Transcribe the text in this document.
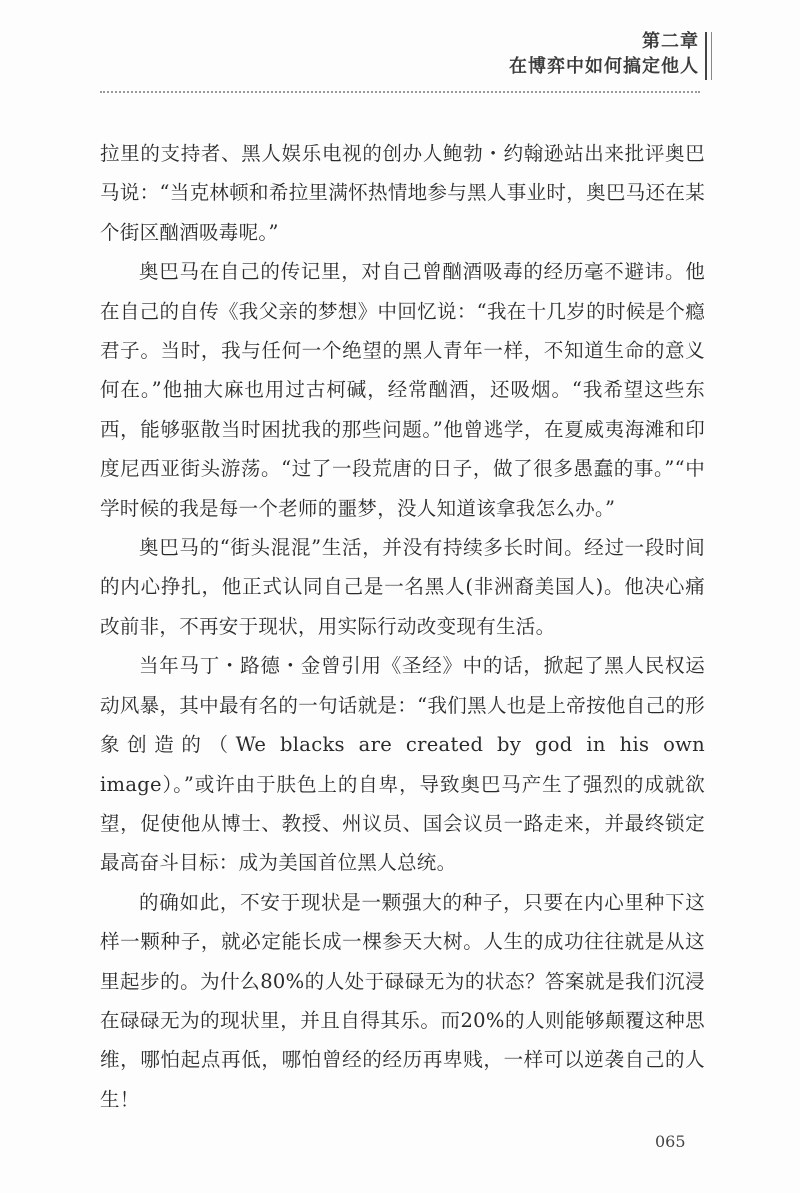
第二章
在博弈中如何搞定他人

拉里的支持者、黑人娱乐电视的创办人鲍勃・约翰逊站出来批评奥巴马说：“当克林顿和希拉里满怀热情地参与黑人事业时，奥巴马还在某个街区酗酒吸毒呢。”

奥巴马在自己的传记里，对自己曾酗酒吸毒的经历毫不避讳。他在自己的自传《我父亲的梦想》中回忆说：“我在十几岁的时候是个瘾君子。当时，我与任何一个绝望的黑人青年一样，不知道生命的意义何在。”他抽大麻也用过古柯碱，经常酗酒，还吸烟。“我希望这些东西，能够驱散当时困扰我的那些问题。”他曾逃学，在夏威夷海滩和印度尼西亚街头游荡。“过了一段荒唐的日子，做了很多愚蠢的事。”“中学时候的我是每一个老师的噩梦，没人知道该拿我怎么办。”

奥巴马的“街头混混”生活，并没有持续多长时间。经过一段时间的内心挣扎，他正式认同自己是一名黑人(非洲裔美国人)。他决心痛改前非，不再安于现状，用实际行动改变现有生活。

当年马丁・路德・金曾引用《圣经》中的话，掀起了黑人民权运动风暴，其中最有名的一句话就是：“我们黑人也是上帝按他自己的形象创造的（We blacks are created by god in his own image）。”或许由于肤色上的自卑，导致奥巴马产生了强烈的成就欲望，促使他从博士、教授、州议员、国会议员一路走来，并最终锁定最高奋斗目标：成为美国首位黑人总统。

的确如此，不安于现状是一颗强大的种子，只要在内心里种下这样一颗种子，就必定能长成一棵参天大树。人生的成功往往就是从这里起步的。为什么80%的人处于碌碌无为的状态？答案就是我们沉浸在碌碌无为的现状里，并且自得其乐。而20%的人则能够颠覆这种思维，哪怕起点再低，哪怕曾经的经历再卑贱，一样可以逆袭自己的人生！

065
